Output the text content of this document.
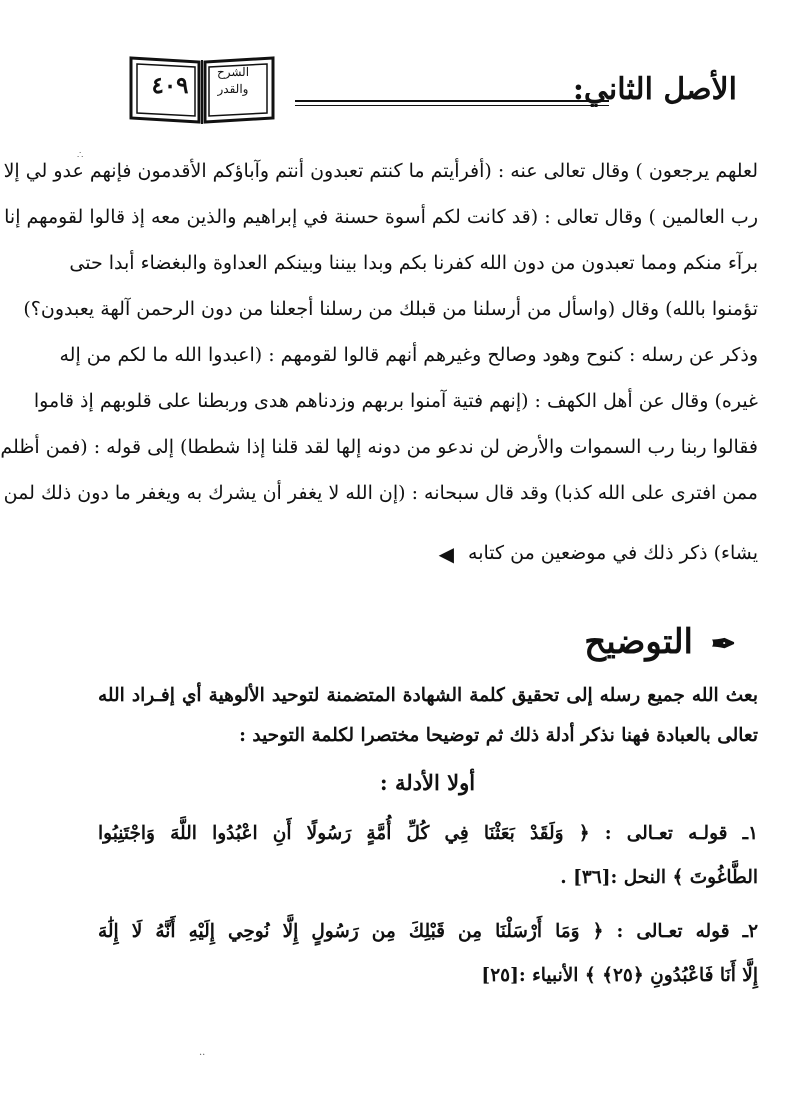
٤٠٩	الشرح
والقدر	الأصل الثاني:
∴
لعلهم يرجعون ) وقال تعالى عنه : (أفرأيتم ما كنتم تعبدون أنتم وآباؤكم الأقدمون فإنهم عدو لي إلا
رب العالمين ) وقال تعالى : (قد كانت لكم أسوة حسنة في إبراهيم والذين معه إذ قالوا لقومهم إنا
برآء منكم ومما تعبدون من دون الله كفرنا بكم وبدا بيننا وبينكم العداوة والبغضاء أبدا حتى
تؤمنوا بالله) وقال (واسأل من أرسلنا من قبلك من رسلنا أجعلنا من دون الرحمن آلهة يعبدون؟)
وذكر عن رسله : كنوح وهود وصالح وغيرهم أنهم قالوا لقومهم : (اعبدوا الله ما لكم من إله
غيره) وقال عن أهل الكهف : (إنهم فتية آمنوا بربهم وزدناهم هدى وربطنا على قلوبهم إذ قاموا
فقالوا ربنا رب السموات والأرض لن ندعو من دونه إلها لقد قلنا إذا شططا) إلى قوله : (فمن أظلم
ممن افترى على الله كذبا) وقد قال سبحانه : (إن الله لا يغفر أن يشرك به ويغفر ما دون ذلك لمن
يشاء) ذكر ذلك في موضعين من كتابه ◀
✒ التوضيح
بعث الله جميع رسله إلى تحقيق كلمة الشهادة المتضمنة لتوحيد الألوهية أي إفـراد الله
تعالى بالعبادة فهنا نذكر أدلة ذلك ثم توضيحا مختصرا لكلمة التوحيد :
أولا الأدلة :
١ـ قولـه تعـالى : ﴿ وَلَقَدْ بَعَثْنَا فِي كُلِّ أُمَّةٍ رَسُولًا أَنِ اعْبُدُوا اللَّهَ وَاجْتَنِبُوا
الطَّاغُوتَ ﴾ النحل :[٣٦] .
٢ـ قوله تعـالى : ﴿ وَمَا أَرْسَلْنَا مِن قَبْلِكَ مِن رَسُولٍ إِلَّا نُوحِي إِلَيْهِ أَنَّهُ لَا إِلَٰهَ
إِلَّا أَنَا فَاعْبُدُونِ ﴿٢٥﴾ ﴾ الأنبياء :[٢٥]
··
